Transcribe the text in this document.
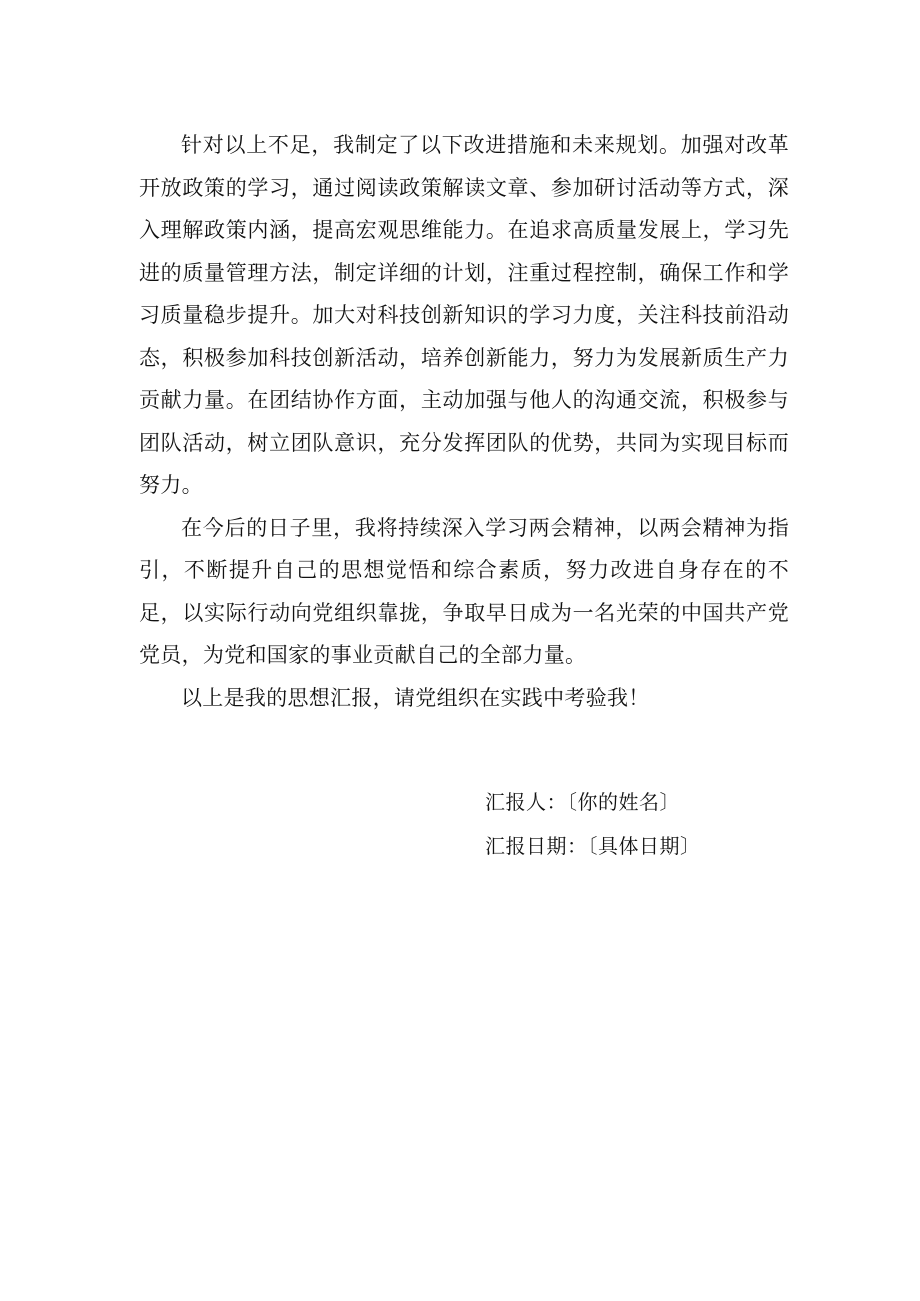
针对以上不足，我制定了以下改进措施和未来规划。加强对改革开放政策的学习，通过阅读政策解读文章、参加研讨活动等方式，深入理解政策内涵，提高宏观思维能力。在追求高质量发展上，学习先进的质量管理方法，制定详细的计划，注重过程控制，确保工作和学习质量稳步提升。加大对科技创新知识的学习力度，关注科技前沿动态，积极参加科技创新活动，培养创新能力，努力为发展新质生产力贡献力量。在团结协作方面，主动加强与他人的沟通交流，积极参与团队活动，树立团队意识，充分发挥团队的优势，共同为实现目标而努力。

在今后的日子里，我将持续深入学习两会精神，以两会精神为指引，不断提升自己的思想觉悟和综合素质，努力改进自身存在的不足，以实际行动向党组织靠拢，争取早日成为一名光荣的中国共产党党员，为党和国家的事业贡献自己的全部力量。

以上是我的思想汇报，请党组织在实践中考验我！

汇报人：〔你的姓名〕

汇报日期：〔具体日期〕
